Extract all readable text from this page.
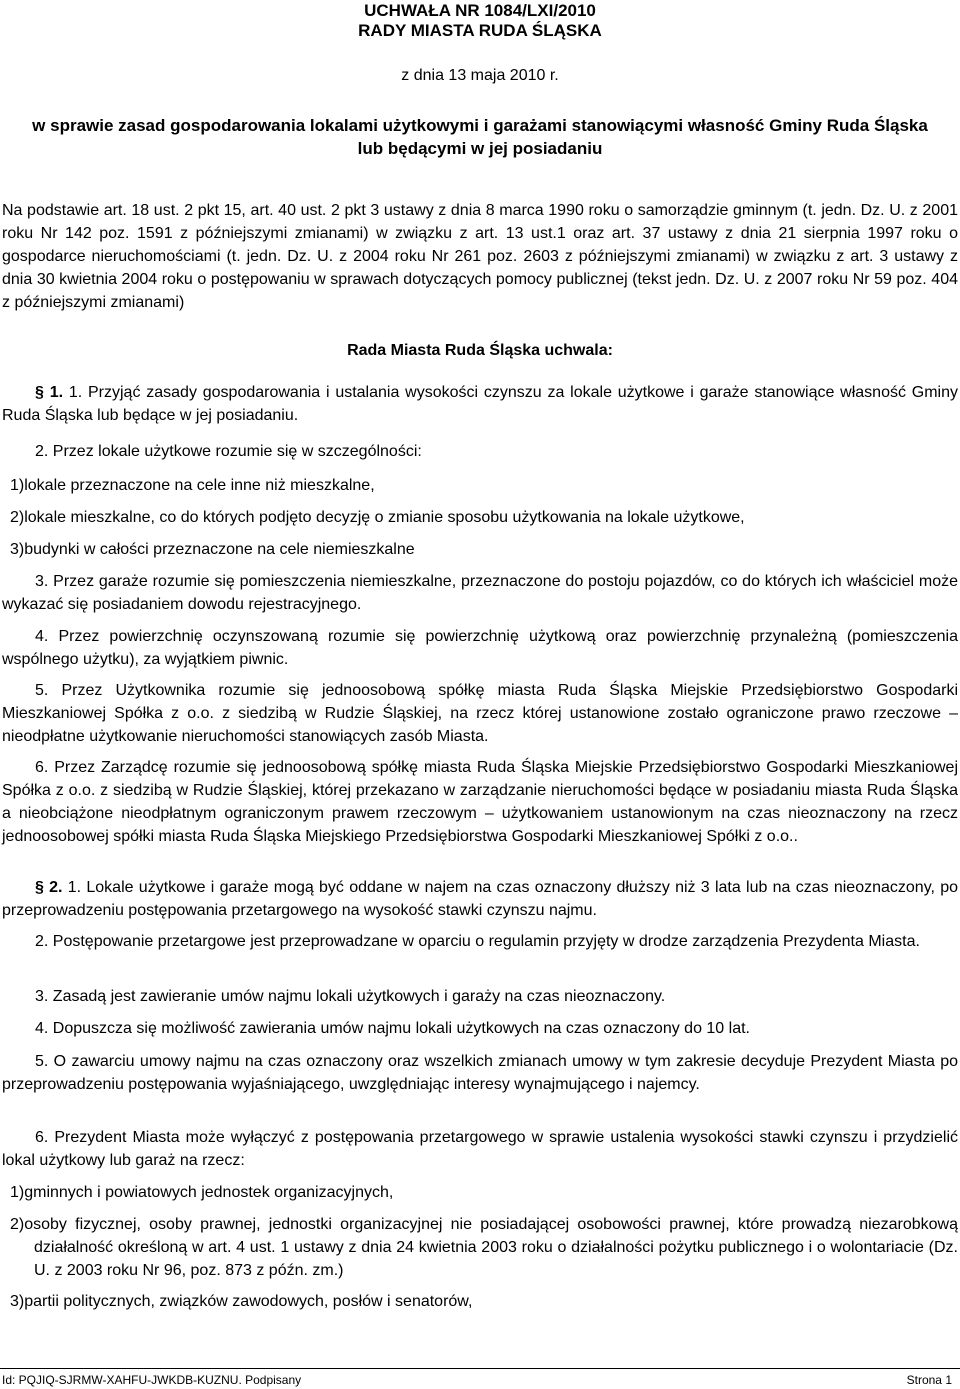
UCHWAŁA NR 1084/LXI/2010
RADY MIASTA RUDA ŚLĄSKA
z dnia 13 maja 2010 r.
w sprawie zasad gospodarowania lokalami użytkowymi i garażami stanowiącymi własność Gminy Ruda Śląska lub będącymi w jej posiadaniu
Na podstawie art. 18 ust. 2 pkt 15, art. 40 ust. 2 pkt 3 ustawy z dnia 8 marca 1990 roku o samorządzie gminnym (t. jedn. Dz. U. z 2001 roku Nr 142 poz. 1591 z późniejszymi zmianami) w związku z art. 13 ust.1 oraz art. 37 ustawy z dnia 21 sierpnia 1997 roku o gospodarce nieruchomościami (t. jedn. Dz. U. z 2004 roku Nr 261 poz. 2603 z późniejszymi zmianami) w związku z art. 3 ustawy z dnia 30 kwietnia 2004 roku o postępowaniu w sprawach dotyczących pomocy publicznej (tekst jedn. Dz. U. z 2007 roku Nr 59 poz. 404 z późniejszymi zmianami)
Rada Miasta Ruda Śląska uchwala:
§ 1. 1. Przyjąć zasady gospodarowania i ustalania wysokości czynszu za lokale użytkowe i garaże stanowiące własność Gminy Ruda Śląska lub będące w jej posiadaniu.
2. Przez lokale użytkowe rozumie się w szczególności:
1)lokale przeznaczone na cele inne niż mieszkalne,
2)lokale mieszkalne, co do których podjęto decyzję o zmianie sposobu użytkowania na lokale użytkowe,
3)budynki w całości przeznaczone na cele niemieszkalne
3. Przez garaże rozumie się pomieszczenia niemieszkalne, przeznaczone do postoju pojazdów, co do których ich właściciel może wykazać się posiadaniem dowodu rejestracyjnego.
4. Przez powierzchnię oczynszowaną rozumie się powierzchnię użytkową oraz powierzchnię przynależną (pomieszczenia wspólnego użytku), za wyjątkiem piwnic.
5. Przez Użytkownika rozumie się jednoosobową spółkę miasta Ruda Śląska Miejskie Przedsiębiorstwo Gospodarki Mieszkaniowej Spółka z o.o. z siedzibą w Rudzie Śląskiej, na rzecz której ustanowione zostało ograniczone prawo rzeczowe – nieodpłatne użytkowanie nieruchomości stanowiących zasób Miasta.
6. Przez Zarządcę rozumie się jednoosobową spółkę miasta Ruda Śląska Miejskie Przedsiębiorstwo Gospodarki Mieszkaniowej Spółka z o.o. z siedzibą w Rudzie Śląskiej, której przekazano w zarządzanie nieruchomości będące w posiadaniu miasta Ruda Śląska a nieobciążone nieodpłatnym ograniczonym prawem rzeczowym – użytkowaniem ustanowionym na czas nieoznaczony na rzecz jednoosobowej spółki miasta Ruda Śląska Miejskiego Przedsiębiorstwa Gospodarki Mieszkaniowej Spółki z o.o..
§ 2. 1. Lokale użytkowe i garaże mogą być oddane w najem na czas oznaczony dłuższy niż 3 lata lub na czas nieoznaczony, po przeprowadzeniu postępowania przetargowego na wysokość stawki czynszu najmu.
2. Postępowanie przetargowe jest przeprowadzane w oparciu o regulamin przyjęty w drodze zarządzenia Prezydenta Miasta.
3. Zasadą jest zawieranie umów najmu lokali użytkowych i garaży na czas nieoznaczony.
4. Dopuszcza się możliwość zawierania umów najmu lokali użytkowych na czas oznaczony do 10 lat.
5. O zawarciu umowy najmu na czas oznaczony oraz wszelkich zmianach umowy w tym zakresie decyduje Prezydent Miasta po przeprowadzeniu postępowania wyjaśniającego, uwzględniając interesy wynajmującego i najemcy.
6. Prezydent Miasta może wyłączyć z postępowania przetargowego w sprawie ustalenia wysokości stawki czynszu i przydzielić lokal użytkowy lub garaż na rzecz:
1)gminnych i powiatowych jednostek organizacyjnych,
2)osoby fizycznej, osoby prawnej, jednostki organizacyjnej nie posiadającej osobowości prawnej, które prowadzą niezarobkową działalność określoną w art. 4 ust. 1 ustawy z dnia 24 kwietnia 2003 roku o działalności pożytku publicznego i o wolontariacie (Dz. U. z 2003 roku Nr 96, poz. 873 z późn. zm.)
3)partii politycznych, związków zawodowych, posłów i senatorów,
Id: PQJIQ-SJRMW-XAHFU-JWKDB-KUZNU. Podpisany	Strona 1
